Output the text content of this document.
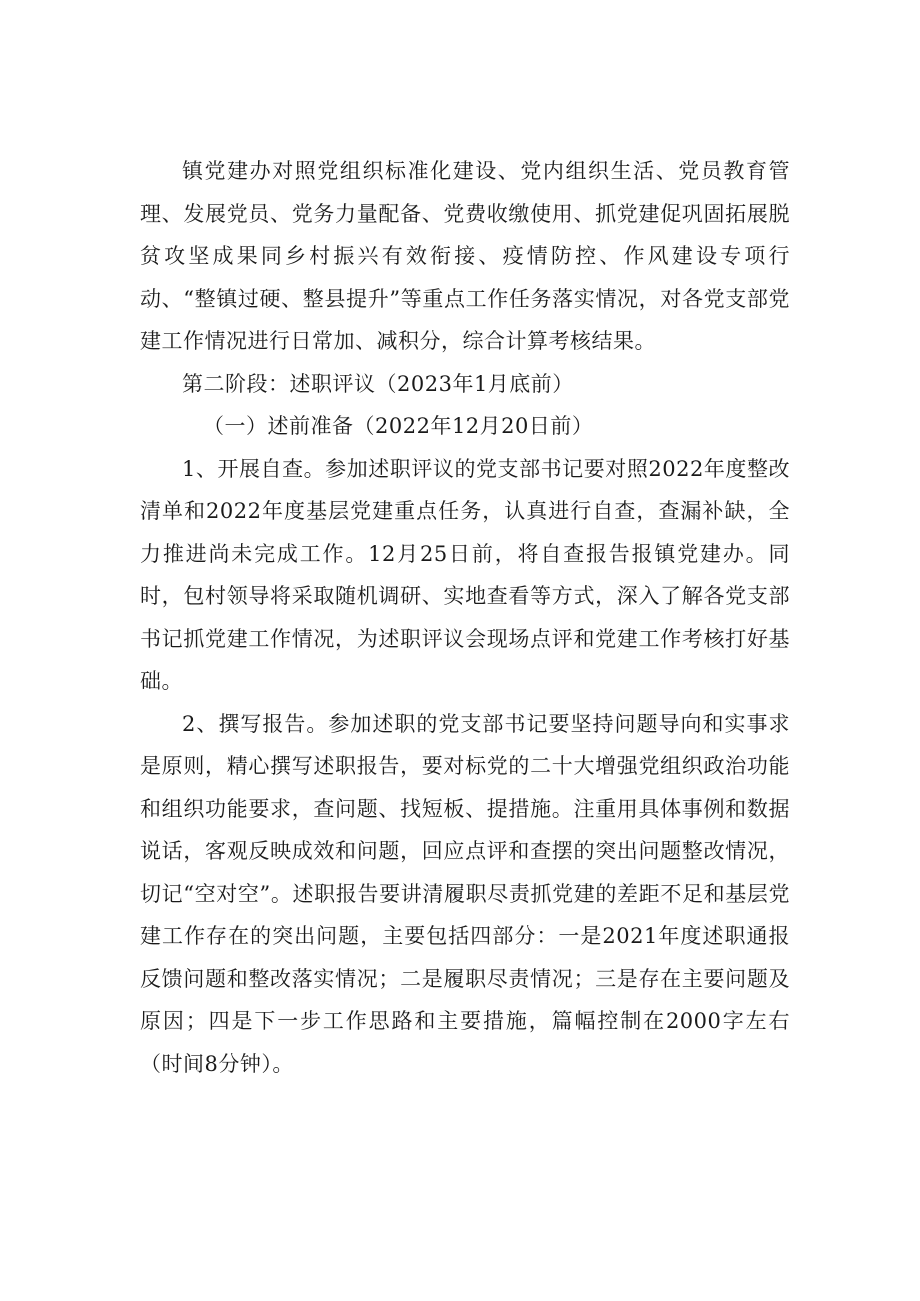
镇党建办对照党组织标准化建设、党内组织生活、党员教育管理、发展党员、党务力量配备、党费收缴使用、抓党建促巩固拓展脱贫攻坚成果同乡村振兴有效衔接、疫情防控、作风建设专项行动、“整镇过硬、整县提升”等重点工作任务落实情况，对各党支部党建工作情况进行日常加、减积分，综合计算考核结果。

第二阶段：述职评议（2023年1月底前）

（一）述前准备（2022年12月20日前）

1、开展自查。参加述职评议的党支部书记要对照2022年度整改清单和2022年度基层党建重点任务，认真进行自查，查漏补缺，全力推进尚未完成工作。12月25日前，将自查报告报镇党建办。同时，包村领导将采取随机调研、实地查看等方式，深入了解各党支部书记抓党建工作情况，为述职评议会现场点评和党建工作考核打好基础。

2、撰写报告。参加述职的党支部书记要坚持问题导向和实事求是原则，精心撰写述职报告，要对标党的二十大增强党组织政治功能和组织功能要求，查问题、找短板、提措施。注重用具体事例和数据说话，客观反映成效和问题，回应点评和查摆的突出问题整改情况，切记“空对空”。述职报告要讲清履职尽责抓党建的差距不足和基层党建工作存在的突出问题，主要包括四部分：一是2021年度述职通报反馈问题和整改落实情况；二是履职尽责情况；三是存在主要问题及原因；四是下一步工作思路和主要措施，篇幅控制在2000字左右（时间8分钟）。
